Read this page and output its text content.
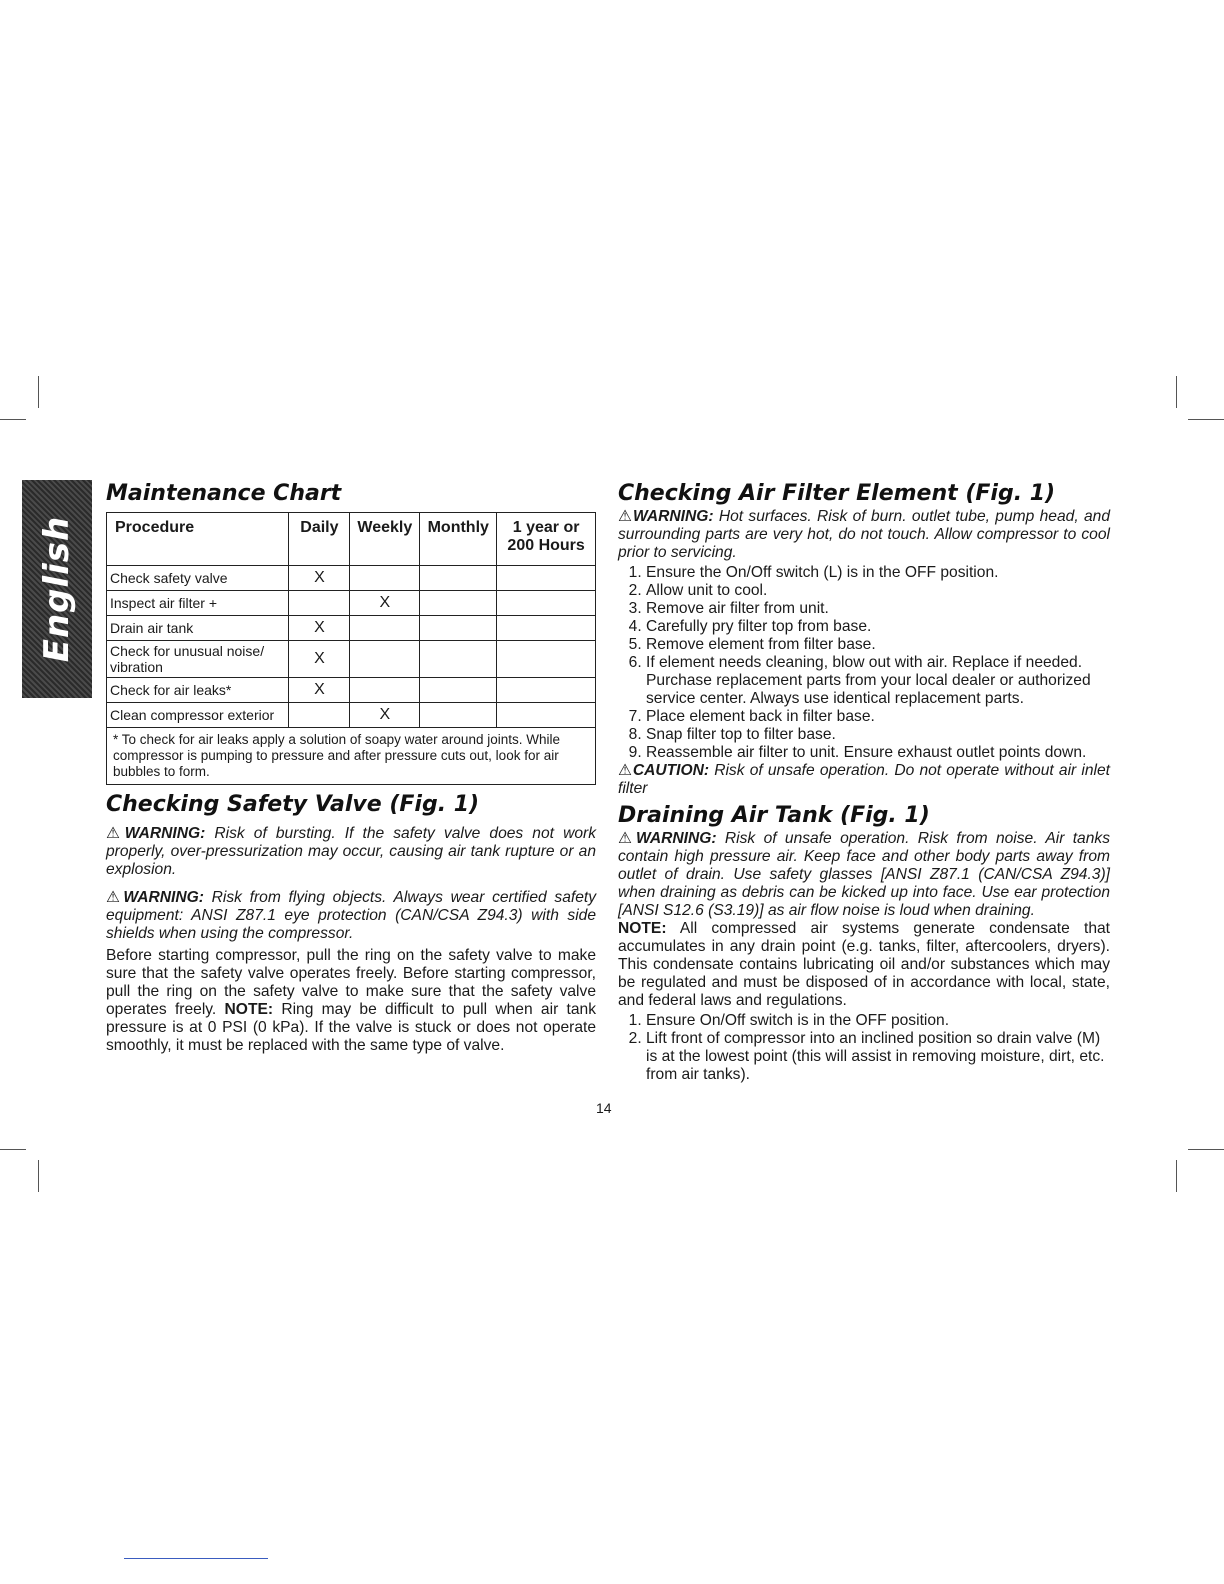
English
Maintenance Chart
Procedure	Daily	Weekly	Monthly	1 year or 200 Hours
Check safety valve	X			
Inspect air filter +		X		
Drain air tank	X			
Check for unusual noise/ vibration	X			
Check for air leaks*	X			
Clean compressor exterior		X		
* To check for air leaks apply a solution of soapy water around joints. While compressor is pumping to pressure and after pressure cuts out, look for air bubbles to form.				
Checking Safety Valve (Fig. 1)

⚠WARNING: Risk of bursting. If the safety valve does not work properly, over-pressurization may occur, causing air tank rupture or an explosion.

⚠WARNING: Risk from flying objects. Always wear certified safety equipment: ANSI Z87.1 eye protection (CAN/CSA Z94.3) with side shields when using the compressor.

Before starting compressor, pull the ring on the safety valve to make sure that the safety valve operates freely. Before starting compressor, pull the ring on the safety valve to make sure that the safety valve operates freely. NOTE: Ring may be difficult to pull when air tank pressure is at 0 PSI (0 kPa). If the valve is stuck or does not operate smoothly, it must be replaced with the same type of valve.

Checking Air Filter Element (Fig. 1)

⚠WARNING: Hot surfaces. Risk of burn. outlet tube, pump head, and surrounding parts are very hot, do not touch. Allow compressor to cool prior to servicing.

1. Ensure the On/Off switch (L) is in the OFF position.
2. Allow unit to cool.
3. Remove air filter from unit.
4. Carefully pry filter top from base.
5. Remove element from filter base.
6. If element needs cleaning, blow out with air. Replace if needed. Purchase replacement parts from your local dealer or authorized service center. Always use identical replacement parts.
7. Place element back in filter base.
8. Snap filter top to filter base.
9. Reassemble air filter to unit. Ensure exhaust outlet points down.

⚠CAUTION: Risk of unsafe operation. Do not operate without air inlet filter

Draining Air Tank (Fig. 1)

⚠WARNING: Risk of unsafe operation. Risk from noise. Air tanks contain high pressure air. Keep face and other body parts away from outlet of drain. Use safety glasses [ANSI Z87.1 (CAN/CSA Z94.3)] when draining as debris can be kicked up into face. Use ear protection [ANSI S12.6 (S3.19)] as air flow noise is loud when draining.

NOTE: All compressed air systems generate condensate that accumulates in any drain point (e.g. tanks, filter, aftercoolers, dryers). This condensate contains lubricating oil and/or substances which may be regulated and must be disposed of in accordance with local, state, and federal laws and regulations.

1. Ensure On/Off switch is in the OFF position.
2. Lift front of compressor into an inclined position so drain valve (M) is at the lowest point (this will assist in removing moisture, dirt, etc. from air tanks).
14
